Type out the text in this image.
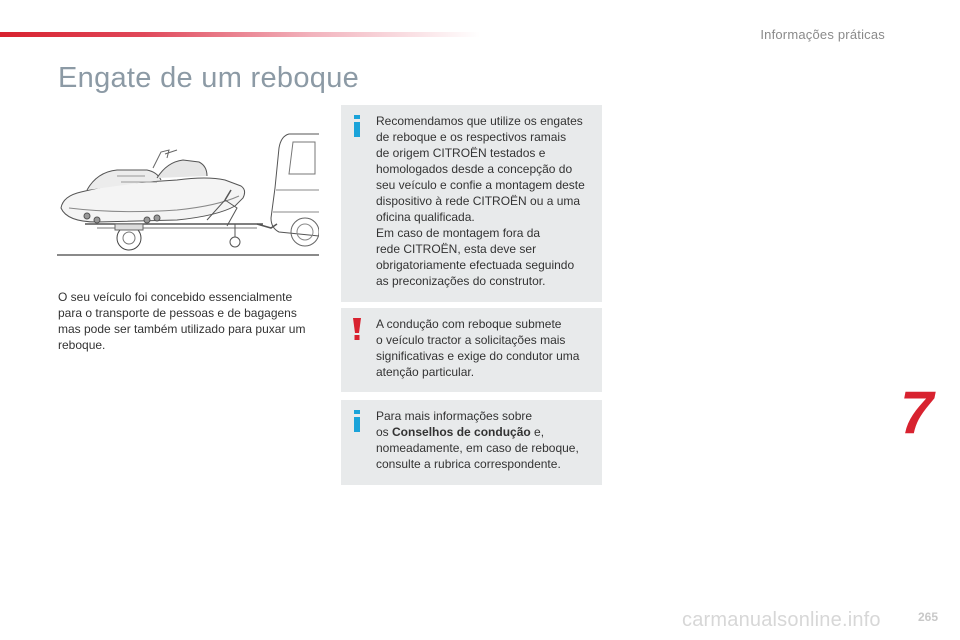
Informações práticas
Engate de um reboque

O seu veículo foi concebido essencialmente para o transporte de pessoas e de bagagens mas pode ser também utilizado para puxar um reboque.

Recomendamos que utilize os engates
de reboque e os respectivos ramais
de origem CITROËN testados e
homologados desde a concepção do
seu veículo e confie a montagem deste
dispositivo à rede CITROËN ou a uma
oficina qualificada.
Em caso de montagem fora da
rede CITROËN, esta deve ser
obrigatoriamente efectuada seguindo
as preconizações do construtor.
A condução com reboque submete
o veículo tractor a solicitações mais
significativas e exige do condutor uma
atenção particular.
Para mais informações sobre
os Conselhos de condução e,
nomeadamente, em caso de reboque,
consulte a rubrica correspondente.
7
carmanualsonline.info	265
